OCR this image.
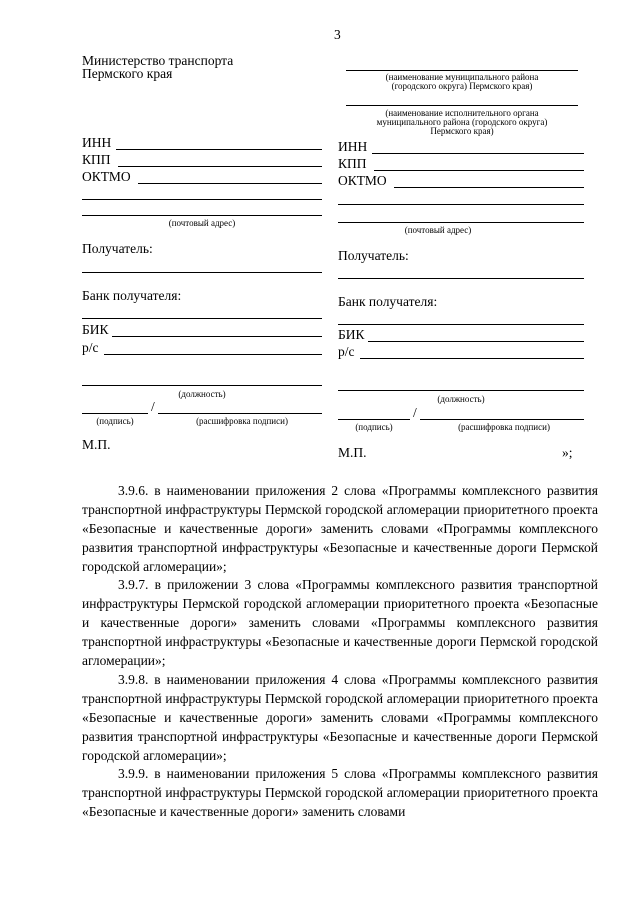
3
Министерство транспорта
Пермского края
ИНН
КПП
ОКТМО
(почтовый адрес)
Получатель:
Банк получателя:
БИК
р/с
(должность)
/
(подпись)	(расшифровка подписи)
М.П.
(наименование муниципального района
(городского округа) Пермского края)
(наименование исполнительного органа
муниципального района (городского округа)
Пермского края)
ИНН
КПП
ОКТМО
(почтовый адрес)
Получатель:
Банк получателя:
БИК
р/с
(должность)
/
(подпись)	(расшифровка подписи)
М.П.	»;

3.9.6. в наименовании приложения 2 слова «Программы комплексного развития транспортной инфраструктуры Пермской городской агломерации приоритетного проекта «Безопасные и качественные дороги» заменить словами «Программы комплексного развития транспортной инфраструктуры «Безопасные и качественные дороги Пермской городской агломерации»;

3.9.7. в приложении 3 слова «Программы комплексного развития транспортной инфраструктуры Пермской городской агломерации приоритетного проекта «Безопасные и качественные дороги» заменить словами «Программы комплексного развития транспортной инфраструктуры «Безопасные и качественные дороги Пермской городской агломерации»;

3.9.8. в наименовании приложения 4 слова «Программы комплексного развития транспортной инфраструктуры Пермской городской агломерации приоритетного проекта «Безопасные и качественные дороги» заменить словами «Программы комплексного развития транспортной инфраструктуры «Безопасные и качественные дороги Пермской городской агломерации»;

3.9.9. в наименовании приложения 5 слова «Программы комплексного развития транспортной инфраструктуры Пермской городской агломерации приоритетного проекта «Безопасные и качественные дороги» заменить словами
